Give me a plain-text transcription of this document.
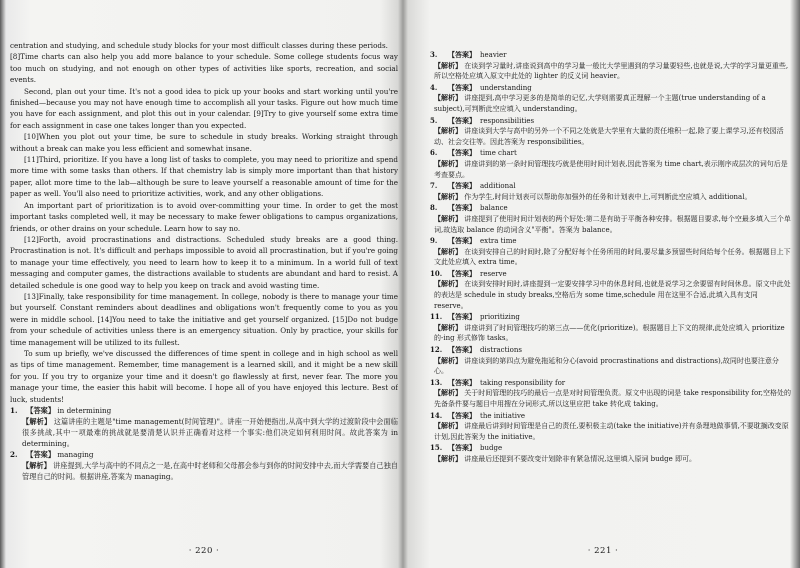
centration and studying, and schedule study blocks for your most difficult classes during these periods.

[8]Time charts can also help you add more balance to your schedule. Some college students focus way too much on studying, and not enough on other types of activities like sports, recreation, and social events.

Second, plan out your time. It's not a good idea to pick up your books and start working until you're finished—because you may not have enough time to accomplish all your tasks. Figure out how much time you have for each assignment, and plot this out in your calendar. [9]Try to give yourself some extra time for each assignment in case one takes longer than you expected.

[10]When you plot out your time, be sure to schedule in study breaks. Working straight through without a break can make you less efficient and somewhat insane.

[11]Third, prioritize. If you have a long list of tasks to complete, you may need to prioritize and spend more time with some tasks than others. If that chemistry lab is simply more important than that history paper, allot more time to the lab—although be sure to leave yourself a reasonable amount of time for the paper as well. You'll also need to prioritize activities, work, and any other obligations.

An important part of prioritization is to avoid over-committing your time. In order to get the most important tasks completed well, it may be necessary to make fewer obligations to campus organizations, friends, or other drains on your schedule. Learn how to say no.

[12]Forth, avoid procrastinations and distractions. Scheduled study breaks are a good thing. Procrastination is not. It's difficult and perhaps impossible to avoid all procrastination, but if you're going to manage your time effectively, you need to learn how to keep it to a minimum. In a world full of text messaging and computer games, the distractions available to students are abundant and hard to resist. A detailed schedule is one good way to help you keep on track and avoid wasting time.

[13]Finally, take responsibility for time management. In college, nobody is there to manage your time but yourself. Constant reminders about deadlines and obligations won't frequently come to you as you were in middle school. [14]You need to take the initiative and get yourself organized. [15]Do not budge from your schedule of activities unless there is an emergency situation. Only by practice, your skills for time management will be utilized to its fullest.

To sum up briefly, we've discussed the differences of time spent in college and in high school as well as tips of time management. Remember, time management is a learned skill, and it might be a new skill for you. If you try to organize your time and it doesn't go flawlessly at first, never fear. The more you manage your time, the easier this habit will become. I hope all of you have enjoyed this lecture. Best of luck, students!

1. 【答案】 in determining
【解析】 这篇讲座的主题是"time management(时间管理)"。讲座一开始便指出,从高中到大学的过渡阶段中会面临很多挑战,其中一项最难的挑战就是要清楚认识并正确看对这样一个事实:他们决定如何利用时间。故此答案为 in determining。
2. 【答案】 managing
【解析】 讲座提到,大学与高中的不同点之一是,在高中时老师和父母都会参与到你的时间安排中去,而大学需要自己独自管理自己的时间。根据讲座,答案为 managing。
· 220 ·
3.	【答案】 heavier
【解析】 在谈到学习量时,讲座说到高中的学习量一般比大学里遇到的学习量要轻些,也就是说,大学的学习量更重些,所以空格处应填入原文中此处的 lighter 的反义词 heavier。
4.	【答案】 understanding
【解析】 讲座提到,高中学习更多的是简单的记忆,大学则需要真正理解一个主题(true understanding of a subject),可判断此空应填入 understanding。
5.	【答案】 responsibilities
【解析】 讲座谈到大学与高中的另外一个不同之处就是大学里有大量的责任堆积一起,除了要上课学习,还有校园活动、社会交往等。因此答案为 responsibilities。
6.	【答案】 time chart
【解析】 讲座讲到的第一条时间管理技巧就是使用时间计划表,因此答案为 time chart,表示刚序成层次的词句后是考查要点。
7.	【答案】 additional
【解析】 作为学生,时间计划表可以帮助你加强外的任务和计划表中上,可判断此空应填入 additional。
8.	【答案】 balance
【解析】 讲座提到了使用时间计划表的两个好处:第二是有助于平衡各种安排。根据题目要求,每个空最多填入三个单词,故选取 balance 的动词含义"平衡"。答案为 balance。
9.	【答案】 extra time
【解析】 在谈到安排自己的时间时,除了分配好每个任务所用的时间,要尽量多预留些时间给每个任务。根据题目上下文此处应填入 extra time。
10. 【答案】 reserve
【解析】 在谈到安排时间时,讲座提到一定要安排学习中的休息时间,也就是说学习之余要留有时间休息。原文中此处的表达是 schedule in study breaks,空格后为 some time,schedule 用在这里不合适,此填入具有支同 reserve。
11. 【答案】 prioritizing
【解析】 讲座讲到了时间管理技巧的第三点——优化(prioritize)。根据题目上下文的规律,此处应填入 prioritize 的-ing 形式修饰 tasks。
12. 【答案】 distractions
【解析】 讲座谈到的第四点为避免拖延和分心(avoid procrastinations and distractions),故同时也要注意分心。
13. 【答案】 taking responsibility for
【解析】 关于时间管理的技巧的最后一点是对时间管理负责。原文中出现的词是 take responsibility for,空格处的先备条件要与题目中用搜在分词形式,所以这里应把 take 转化成 taking。
14. 【答案】 the initiative
【解析】 讲座最后讲到时间管理是自己的责任,要积极主动(take the initiative)并有条理地做事情,不要耽搁改变原计划,因此答案为 the initiative。
15. 【答案】 budge
【解析】 讲座最后还提到不要改变计划除非有紧急情况,这里填入原词 budge 即可。
· 221 ·
